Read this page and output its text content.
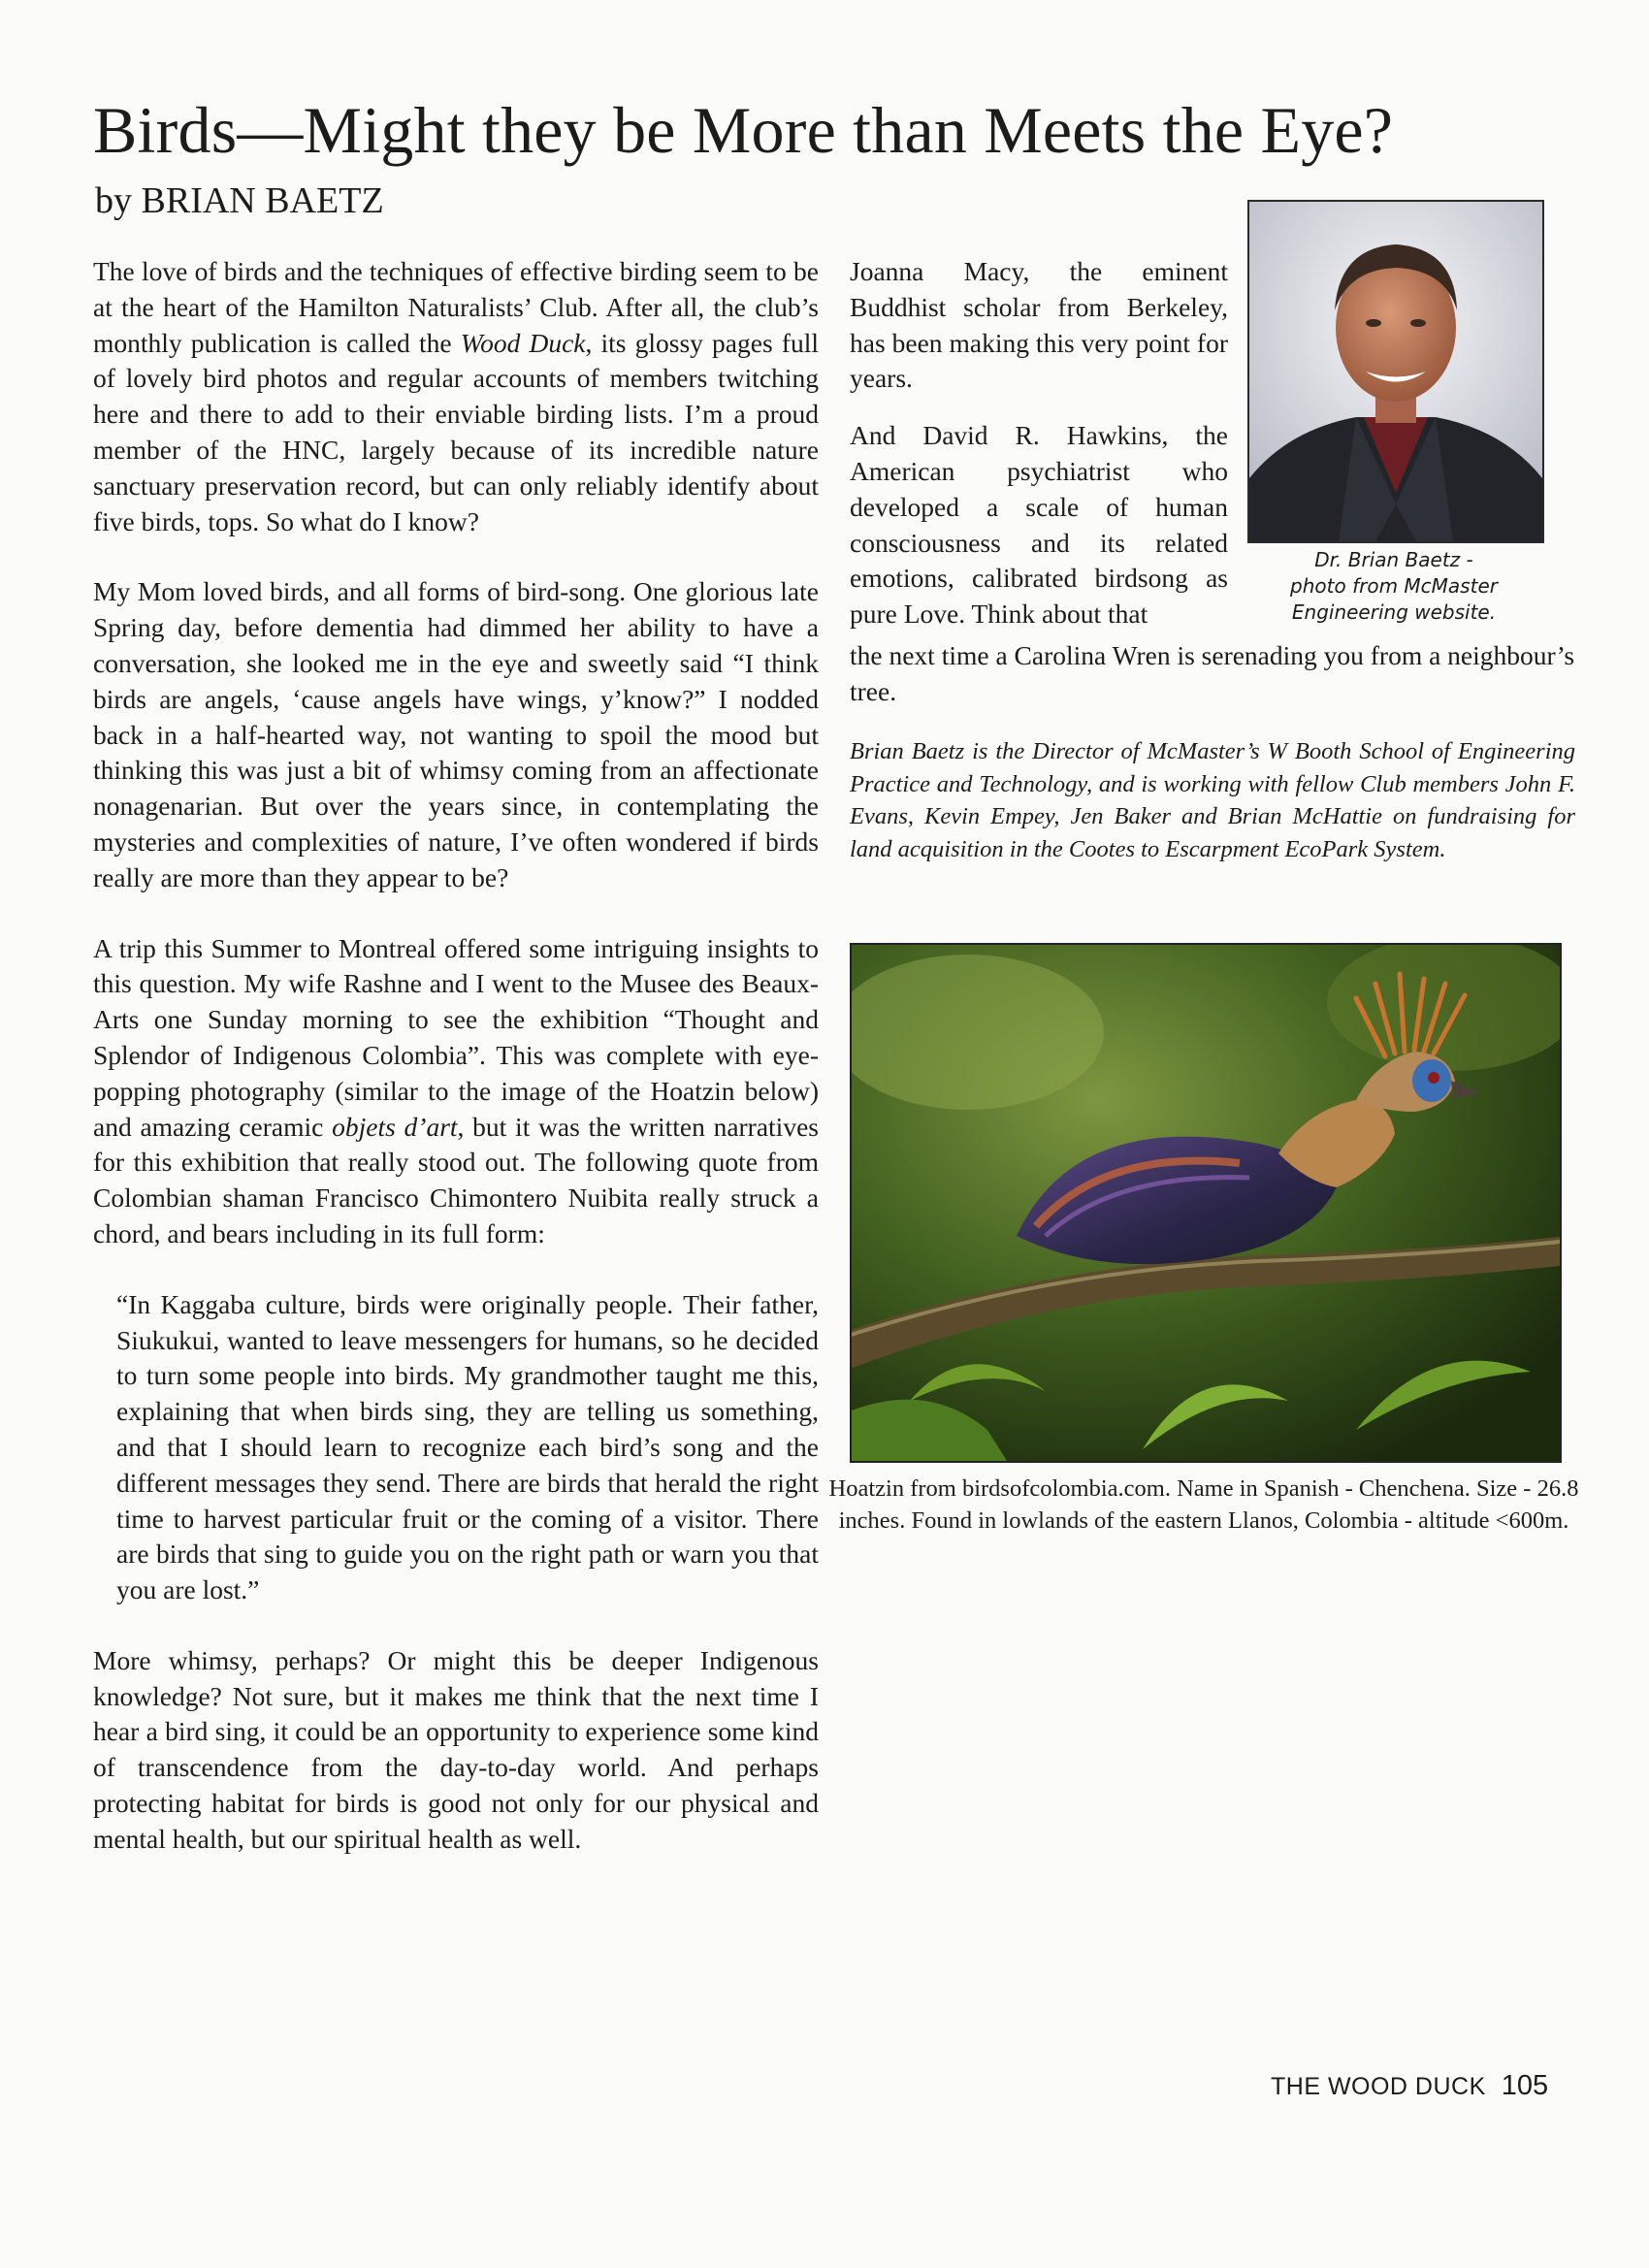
Birds—Might they be More than Meets the Eye?
by BRIAN BAETZ

The love of birds and the techniques of effective birding seem to be at the heart of the Hamilton Naturalists’ Club. After all, the club’s monthly publication is called the Wood Duck, its glossy pages full of lovely bird photos and regular accounts of members twitching here and there to add to their enviable birding lists. I’m a proud member of the HNC, largely because of its incredible nature sanctuary preservation record, but can only reliably identify about five birds, tops. So what do I know?

My Mom loved birds, and all forms of bird-song. One glorious late Spring day, before dementia had dimmed her ability to have a conversation, she looked me in the eye and sweetly said “I think birds are angels, ‘cause angels have wings, y’know?” I nodded back in a half-hearted way, not wanting to spoil the mood but thinking this was just a bit of whimsy coming from an affectionate nonagenarian. But over the years since, in contemplating the mysteries and complexities of nature, I’ve often wondered if birds really are more than they appear to be?

A trip this Summer to Montreal offered some intriguing insights to this question. My wife Rashne and I went to the Musee des Beaux-Arts one Sunday morning to see the exhibition “Thought and Splendor of Indigenous Colombia”. This was complete with eye-popping photography (similar to the image of the Hoatzin below) and amazing ceramic objets d’art, but it was the written narratives for this exhibition that really stood out. The following quote from Colombian shaman Francisco Chimontero Nuibita really struck a chord, and bears including in its full form:

“In Kaggaba culture, birds were originally people. Their father, Siukukui, wanted to leave messengers for humans, so he decided to turn some people into birds. My grandmother taught me this, explaining that when birds sing, they are telling us something, and that I should learn to recognize each bird’s song and the different messages they send. There are birds that herald the right time to harvest particular fruit or the coming of a visitor. There are birds that sing to guide you on the right path or warn you that you are lost.”

More whimsy, perhaps? Or might this be deeper Indigenous knowledge? Not sure, but it makes me think that the next time I hear a bird sing, it could be an opportunity to experience some kind of transcendence from the day-to-day world. And perhaps protecting habitat for birds is good not only for our physical and mental health, but our spiritual health as well.

Joanna Macy, the eminent Buddhist scholar from Berkeley, has been making this very point for years.

And David R. Hawkins, the American psychiatrist who developed a scale of human consciousness and its related emotions, calibrated birdsong as pure Love. Think about that

the next time a Carolina Wren is serenading you from a neighbour’s tree.

Brian Baetz is the Director of McMaster’s W Booth School of Engineering Practice and Technology, and is working with fellow Club members John F. Evans, Kevin Empey, Jen Baker and Brian McHattie on fundraising for land acquisition in the Cootes to Escarpment EcoPark System.
Dr. Brian Baetz -
photo from McMaster
Engineering website.
Hoatzin from birdsofcolombia.com. Name in Spanish - Chenchena. Size - 26.8 inches. Found in lowlands of the eastern Llanos, Colombia - altitude <600m.
THE WOOD DUCK 105
